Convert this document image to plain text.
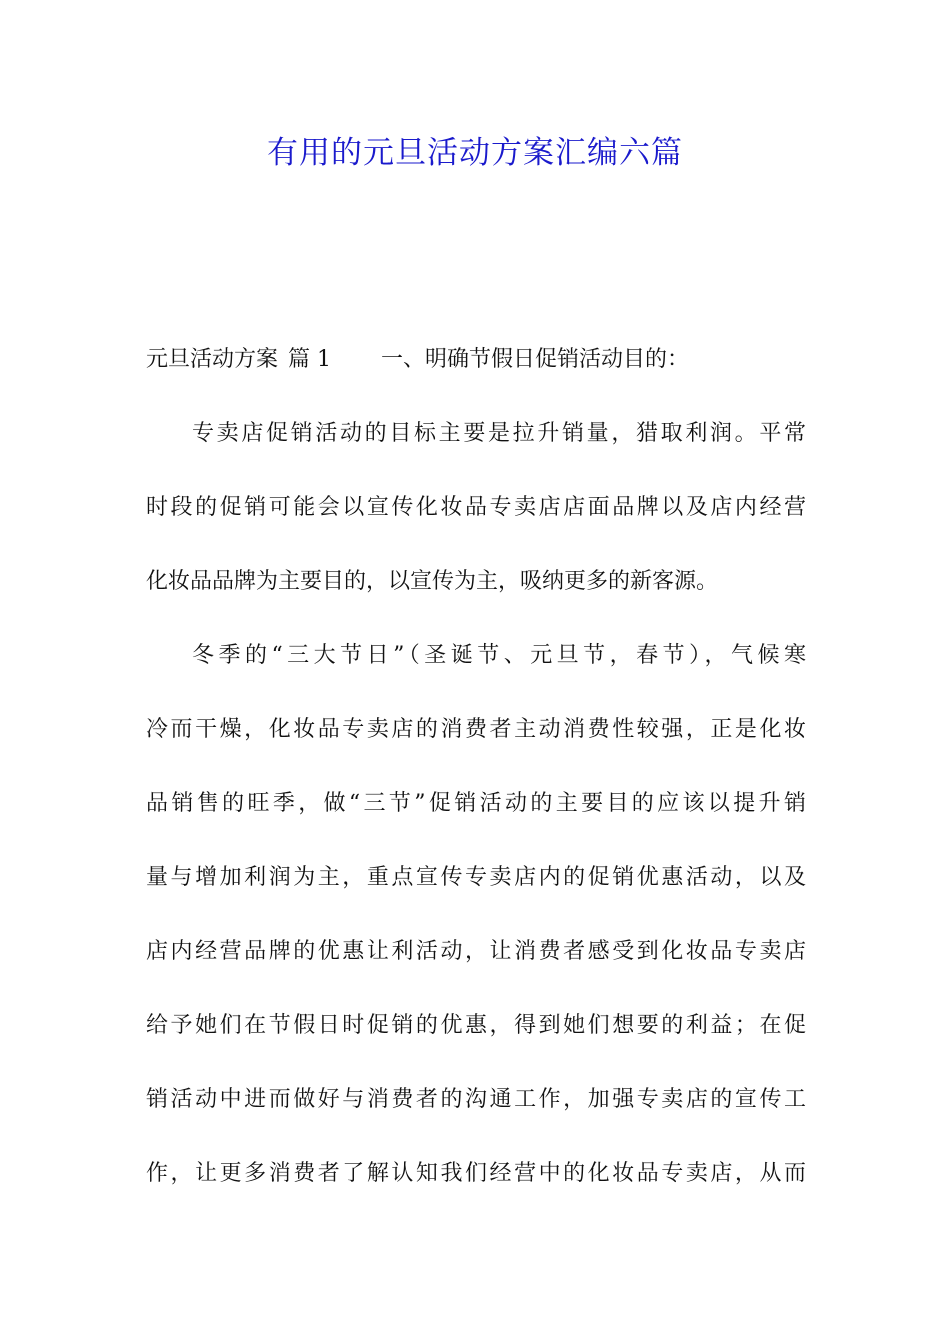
有用的元旦活动方案汇编六篇
元旦活动方案 篇 1 一、明确节假日促销活动目的：
专卖店促销活动的目标主要是拉升销量，猎取利润。平常
时段的促销可能会以宣传化妆品专卖店店面品牌以及店内经营
化妆品品牌为主要目的，以宣传为主，吸纳更多的新客源。
冬季的“三大节日”（圣诞节、元旦节，春节），气候寒
冷而干燥，化妆品专卖店的消费者主动消费性较强，正是化妆
品销售的旺季，做“三节”促销活动的主要目的应该以提升销
量与增加利润为主，重点宣传专卖店内的促销优惠活动，以及
店内经营品牌的优惠让利活动，让消费者感受到化妆品专卖店
给予她们在节假日时促销的优惠，得到她们想要的利益；在促
销活动中进而做好与消费者的沟通工作，加强专卖店的宣传工
作，让更多消费者了解认知我们经营中的化妆品专卖店，从而
